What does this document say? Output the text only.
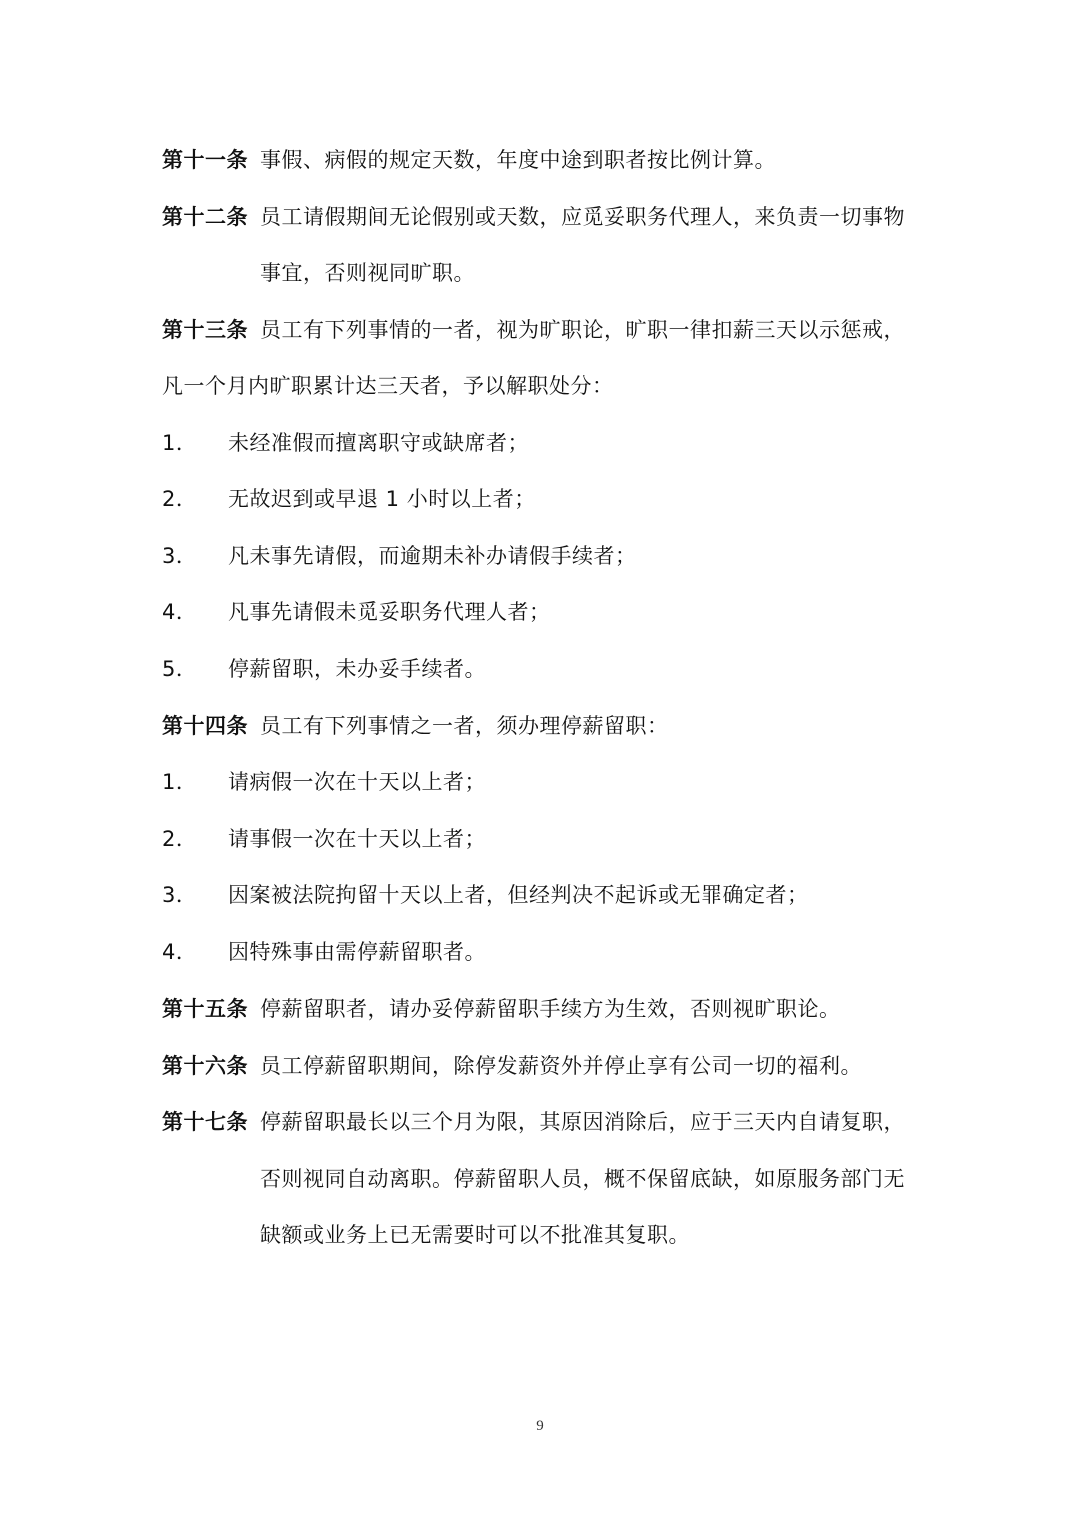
第十一条 事假、病假的规定天数，年度中途到职者按比例计算。
第十二条 员工请假期间无论假别或天数，应觅妥职务代理人，来负责一切事物
事宜，否则视同旷职。
第十三条 员工有下列事情的一者，视为旷职论，旷职一律扣薪三天以示惩戒，
凡一个月内旷职累计达三天者，予以解职处分：
1． 未经准假而擅离职守或缺席者；
2． 无故迟到或早退 1 小时以上者；
3． 凡未事先请假，而逾期未补办请假手续者；
4． 凡事先请假未觅妥职务代理人者；
5． 停薪留职，未办妥手续者。
第十四条 员工有下列事情之一者，须办理停薪留职：
1． 请病假一次在十天以上者；
2． 请事假一次在十天以上者；
3． 因案被法院拘留十天以上者，但经判决不起诉或无罪确定者；
4． 因特殊事由需停薪留职者。
第十五条 停薪留职者，请办妥停薪留职手续方为生效，否则视旷职论。
第十六条 员工停薪留职期间，除停发薪资外并停止享有公司一切的福利。
第十七条 停薪留职最长以三个月为限，其原因消除后，应于三天内自请复职，
否则视同自动离职。停薪留职人员，概不保留底缺，如原服务部门无
缺额或业务上已无需要时可以不批准其复职。
9
